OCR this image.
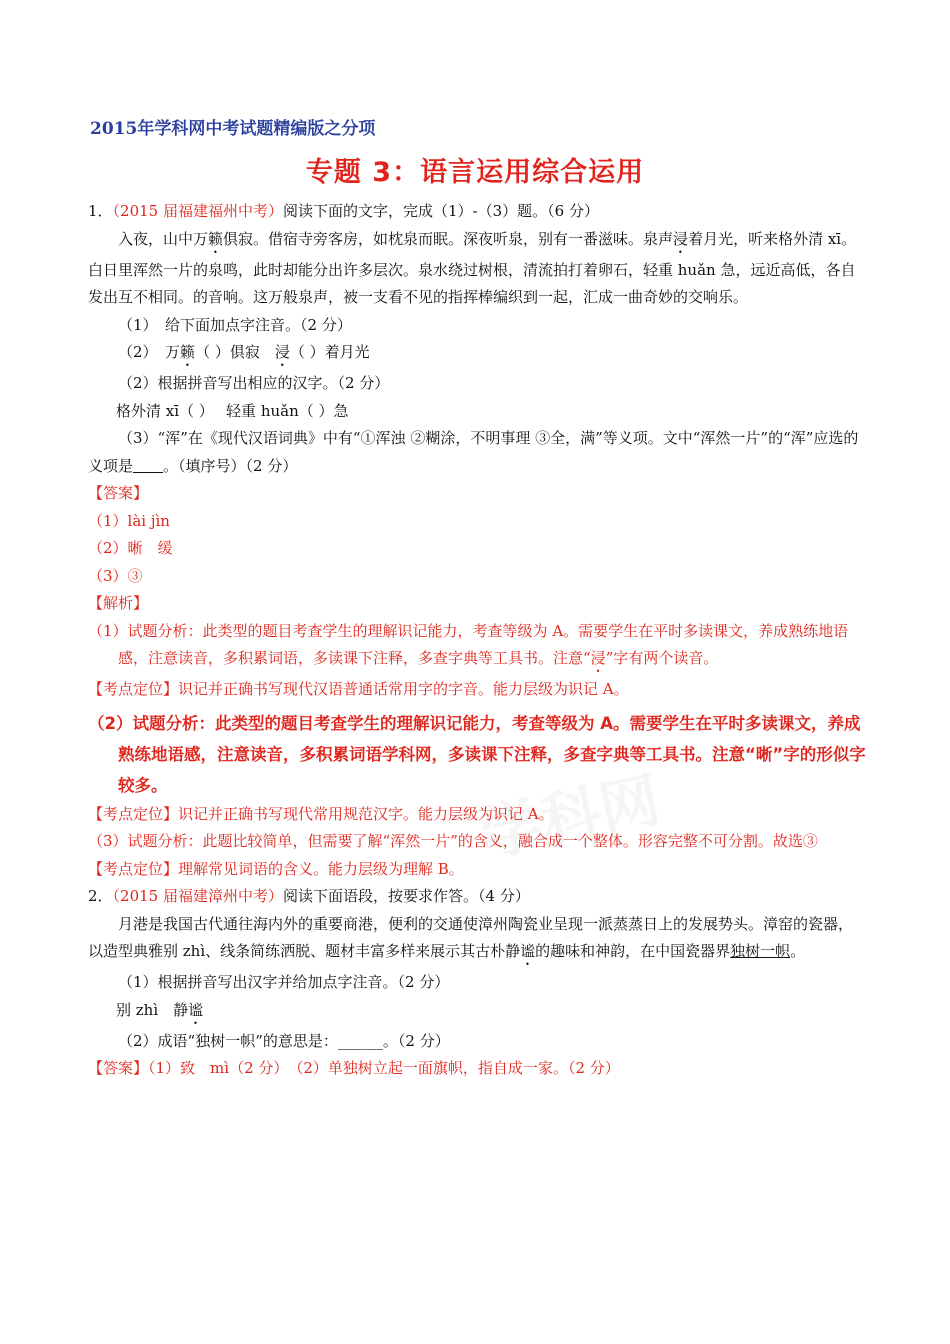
2015年学科网中考试题精编版之分项
专题 3：语言运用综合运用

1．（2015 届福建福州中考）阅读下面的文字，完成（1）-（3）题。（6 分）

入夜，山中万籁俱寂。借宿寺旁客房，如枕泉而眠。深夜听泉，别有一番滋味。泉声浸着月光，听来格外清 xī。白日里浑然一片的泉鸣，此时却能分出许多层次。泉水绕过树根，清流拍打着卵石，轻重 huǎn 急，远近高低，各自发出互不相同。的音响。这万般泉声，被一支看不见的指挥棒编织到一起，汇成一曲奇妙的交响乐。

（1）　给下面加点字注音。（2 分）

（2）　万籁（ ）俱寂　浸（ ）着月光

（2）根据拼音写出相应的汉字。（2 分）

格外清 xī（ ）　 轻重 huǎn（ ）急

（3）“浑”在《现代汉语词典》中有“①浑浊 ②糊涂，不明事理 ③全，满”等义项。文中“浑然一片”的“浑”应选的义项是　　 。（填序号）（2 分）

【答案】

（1）lài jìn

（2）晰　缓

（3）③

【解析】

（1）试题分析：此类型的题目考查学生的理解识记能力，考查等级为 A。需要学生在平时多读课文，养成熟练地语感，注意读音，多积累词语，多读课下注释，多查字典等工具书。注意“浸”字有两个读音。

【考点定位】识记并正确书写现代汉语普通话常用字的字音。能力层级为识记 A。

（2）试题分析：此类型的题目考查学生的理解识记能力，考查等级为 A。需要学生在平时多读课文，养成熟练地语感，注意读音，多积累词语学科网，多读课下注释，多查字典等工具书。注意“晰”字的形似字较多。

【考点定位】识记并正确书写现代常用规范汉字。能力层级为识记 A。

（3）试题分析：此题比较简单，但需要了解“浑然一片”的含义，融合成一个整体。形容完整不可分割。故选③

【考点定位】理解常见词语的含义。能力层级为理解 B。

2．（2015 届福建漳州中考）阅读下面语段，按要求作答。（4 分）

月港是我国古代通往海内外的重要商港，便利的交通使漳州陶瓷业呈现一派蒸蒸日上的发展势头。漳窑的瓷器，以造型典雅别 zhì、线条简练洒脱、题材丰富多样来展示其古朴静谧的趣味和神韵，在中国瓷器界独树一帜。

（1）根据拼音写出汉字并给加点字注音。（2 分）

别 zhì　静谧

（2）成语“独树一帜”的意思是：______。（2 分）

【答案】（1）致　mì（2 分）　（2）单独树立起一面旗帜，指自成一家。（2 分）
